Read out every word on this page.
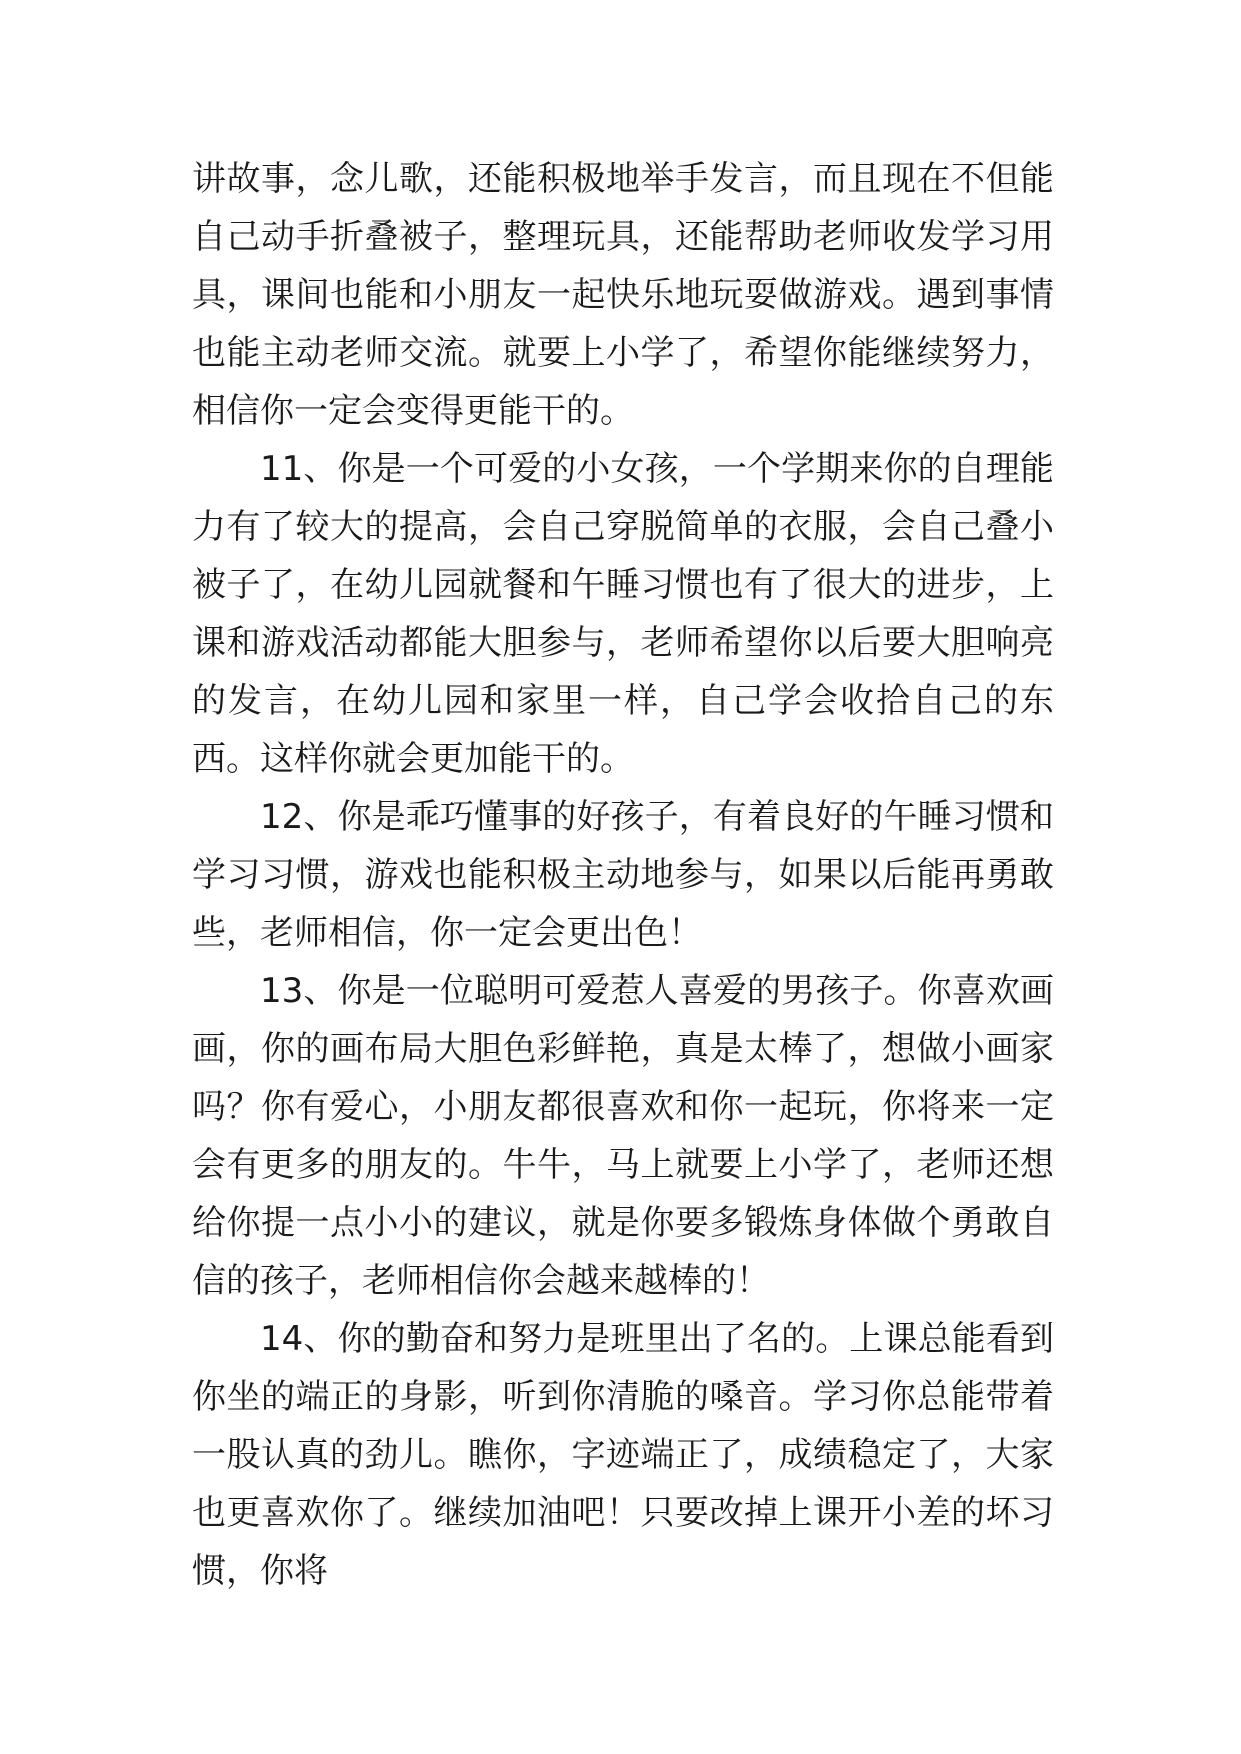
讲故事，念儿歌，还能积极地举手发言，而且现在不但能自己动手折叠被子，整理玩具，还能帮助老师收发学习用具，课间也能和小朋友一起快乐地玩耍做游戏。遇到事情也能主动老师交流。就要上小学了，希望你能继续努力，相信你一定会变得更能干的。

11、你是一个可爱的小女孩，一个学期来你的自理能力有了较大的提高，会自己穿脱简单的衣服，会自己叠小被子了，在幼儿园就餐和午睡习惯也有了很大的进步，上课和游戏活动都能大胆参与，老师希望你以后要大胆响亮的发言，在幼儿园和家里一样，自己学会收拾自己的东西。这样你就会更加能干的。

12、你是乖巧懂事的好孩子，有着良好的午睡习惯和学习习惯，游戏也能积极主动地参与，如果以后能再勇敢些，老师相信，你一定会更出色！

13、你是一位聪明可爱惹人喜爱的男孩子。你喜欢画画，你的画布局大胆色彩鲜艳，真是太棒了，想做小画家吗？你有爱心，小朋友都很喜欢和你一起玩，你将来一定会有更多的朋友的。牛牛，马上就要上小学了，老师还想给你提一点小小的建议，就是你要多锻炼身体做个勇敢自信的孩子，老师相信你会越来越棒的！

14、你的勤奋和努力是班里出了名的。上课总能看到你坐的端正的身影，听到你清脆的嗓音。学习你总能带着一股认真的劲儿。瞧你，字迹端正了，成绩稳定了，大家也更喜欢你了。继续加油吧！只要改掉上课开小差的坏习惯，你将
